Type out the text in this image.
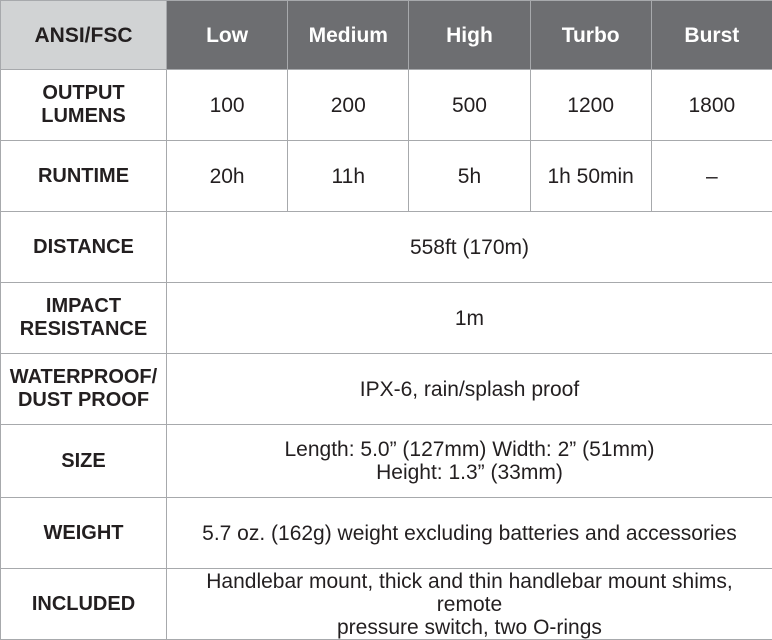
ANSI/FSC	Low	Medium	High	Turbo	Burst
OUTPUT
LUMENS	100	200	500	1200	1800
RUNTIME	20h	11h	5h	1h 50min	–
DISTANCE	558ft (170m)				
IMPACT
RESISTANCE	1m				
WATERPROOF/
DUST PROOF	IPX-6, rain/splash proof				
SIZE	Length: 5.0” (127mm) Width: 2” (51mm)
Height: 1.3” (33mm)				
WEIGHT	5.7 oz. (162g) weight excluding batteries and accessories				
INCLUDED	Handlebar mount, thick and thin handlebar mount shims, remote
pressure switch, two O-rings				
